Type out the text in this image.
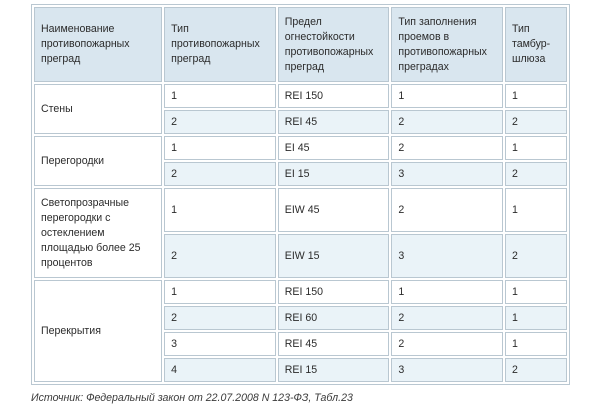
Наименование противопожарных преград	Тип противопожарных преград	Предел огнестойкости противопожарных преград	Тип заполнения проемов в противопожарных преградах	Тип тамбур-шлюза
Стены	1	REI 150	1	1
	2	REI 45	2	2
Перегородки	1	EI 45	2	1
	2	EI 15	3	2
Светопрозрачные перегородки с остеклением площадью более 25 процентов	1	EIW 45	2	1
	2	EIW 15	3	2
Перекрытия	1	REI 150	1	1
	2	REI 60	2	1
	3	REI 45	2	1
	4	REI 15	3	2
Источник: Федеральный закон от 22.07.2008 N 123-ФЗ, Табл.23
